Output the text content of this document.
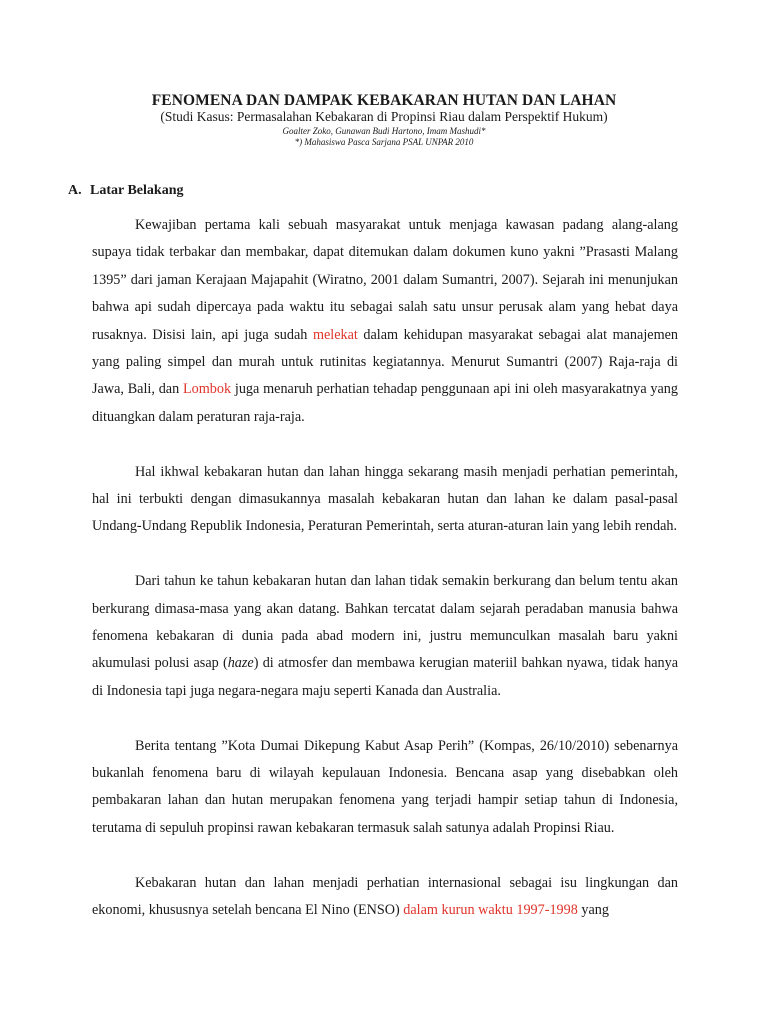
FENOMENA DAN DAMPAK KEBAKARAN HUTAN DAN LAHAN
(Studi Kasus: Permasalahan Kebakaran di Propinsi Riau dalam Perspektif Hukum)
Goalter Zoko, Gunawan Budi Hartono, Imam Mashudi*
*) Mahasiswa Pasca Sarjana PSAL UNPAR 2010
A. Latar Belakang

Kewajiban pertama kali sebuah masyarakat untuk menjaga kawasan padang alang-alang supaya tidak terbakar dan membakar, dapat ditemukan dalam dokumen kuno yakni ”Prasasti Malang 1395” dari jaman Kerajaan Majapahit (Wiratno, 2001 dalam Sumantri, 2007). Sejarah ini menunjukan bahwa api sudah dipercaya pada waktu itu sebagai salah satu unsur perusak alam yang hebat daya rusaknya. Disisi lain, api juga sudah melekat dalam kehidupan masyarakat sebagai alat manajemen yang paling simpel dan murah untuk rutinitas kegiatannya. Menurut Sumantri (2007) Raja-raja di Jawa, Bali, dan Lombok juga menaruh perhatian tehadap penggunaan api ini oleh masyarakatnya yang dituangkan dalam peraturan raja-raja.

Hal ikhwal kebakaran hutan dan lahan hingga sekarang masih menjadi perhatian pemerintah, hal ini terbukti dengan dimasukannya masalah kebakaran hutan dan lahan ke dalam pasal-pasal Undang-Undang Republik Indonesia, Peraturan Pemerintah, serta aturan-aturan lain yang lebih rendah.

Dari tahun ke tahun kebakaran hutan dan lahan tidak semakin berkurang dan belum tentu akan berkurang dimasa-masa yang akan datang. Bahkan tercatat dalam sejarah peradaban manusia bahwa fenomena kebakaran di dunia pada abad modern ini, justru memunculkan masalah baru yakni akumulasi polusi asap (haze) di atmosfer dan membawa kerugian materiil bahkan nyawa, tidak hanya di Indonesia tapi juga negara-negara maju seperti Kanada dan Australia.

Berita tentang ”Kota Dumai Dikepung Kabut Asap Perih” (Kompas, 26/10/2010) sebenarnya bukanlah fenomena baru di wilayah kepulauan Indonesia. Bencana asap yang disebabkan oleh pembakaran lahan dan hutan merupakan fenomena yang terjadi hampir setiap tahun di Indonesia, terutama di sepuluh propinsi rawan kebakaran termasuk salah satunya adalah Propinsi Riau.

Kebakaran hutan dan lahan menjadi perhatian internasional sebagai isu lingkungan dan ekonomi, khususnya setelah bencana El Nino (ENSO) dalam kurun waktu 1997-1998 yang
